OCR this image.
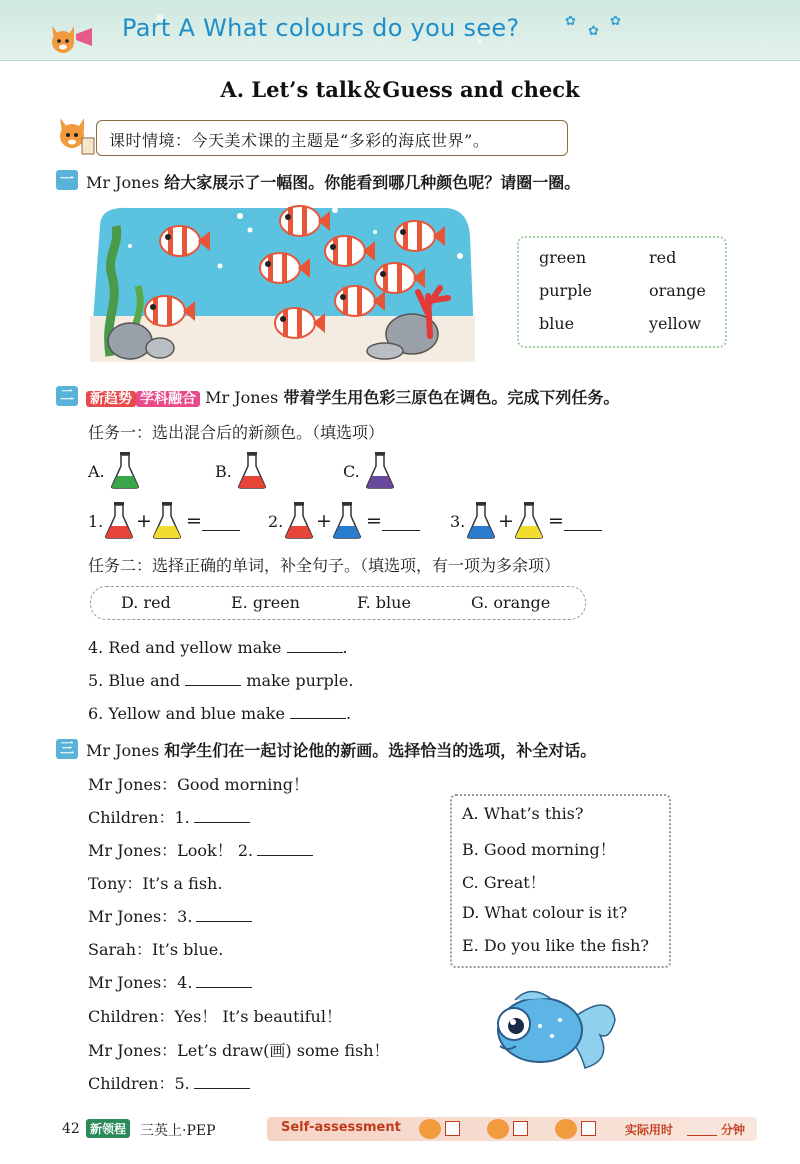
Part A What colours do you see?	✿
✿
✿
A. Let’s talk＆Guess and check
课时情境：今天美术课的主题是“多彩的海底世界”。
一 Mr Jones 给大家展示了一幅图。你能看到哪几种颜色呢？请圈一圈。
green	red
purple	orange
blue	yellow
二 新趋势 学科融合 Mr Jones 带着学生用色彩三原色在调色。完成下列任务。
任务一：选出混合后的新颜色。（填选项）
A.	B.	C.
1. + =	2. + =	3. + =
任务二：选择正确的单词，补全句子。（填选项，有一项为多余项）
D. red	E. green	F. blue	G. orange
4. Red and yellow make	.
5. Blue and	make purple.
6. Yellow and blue make	.
三 Mr Jones 和学生们在一起讨论他的新画。选择恰当的选项，补全对话。
Mr Jones：Good morning！
Children：1.
Mr Jones：Look！ 2.
Tony：It’s a fish.
Mr Jones：3.
Sarah：It’s blue.
Mr Jones：4.
Children：Yes！ It’s beautiful！
Mr Jones：Let’s draw(画) some fish！
Children：5.
A. What’s this?
B. Good morning！
C. Great！
D. What colour is it?
E. Do you like the fish?
42 新领程 三英上·PEP	Self-assessment	实际用时	分钟
